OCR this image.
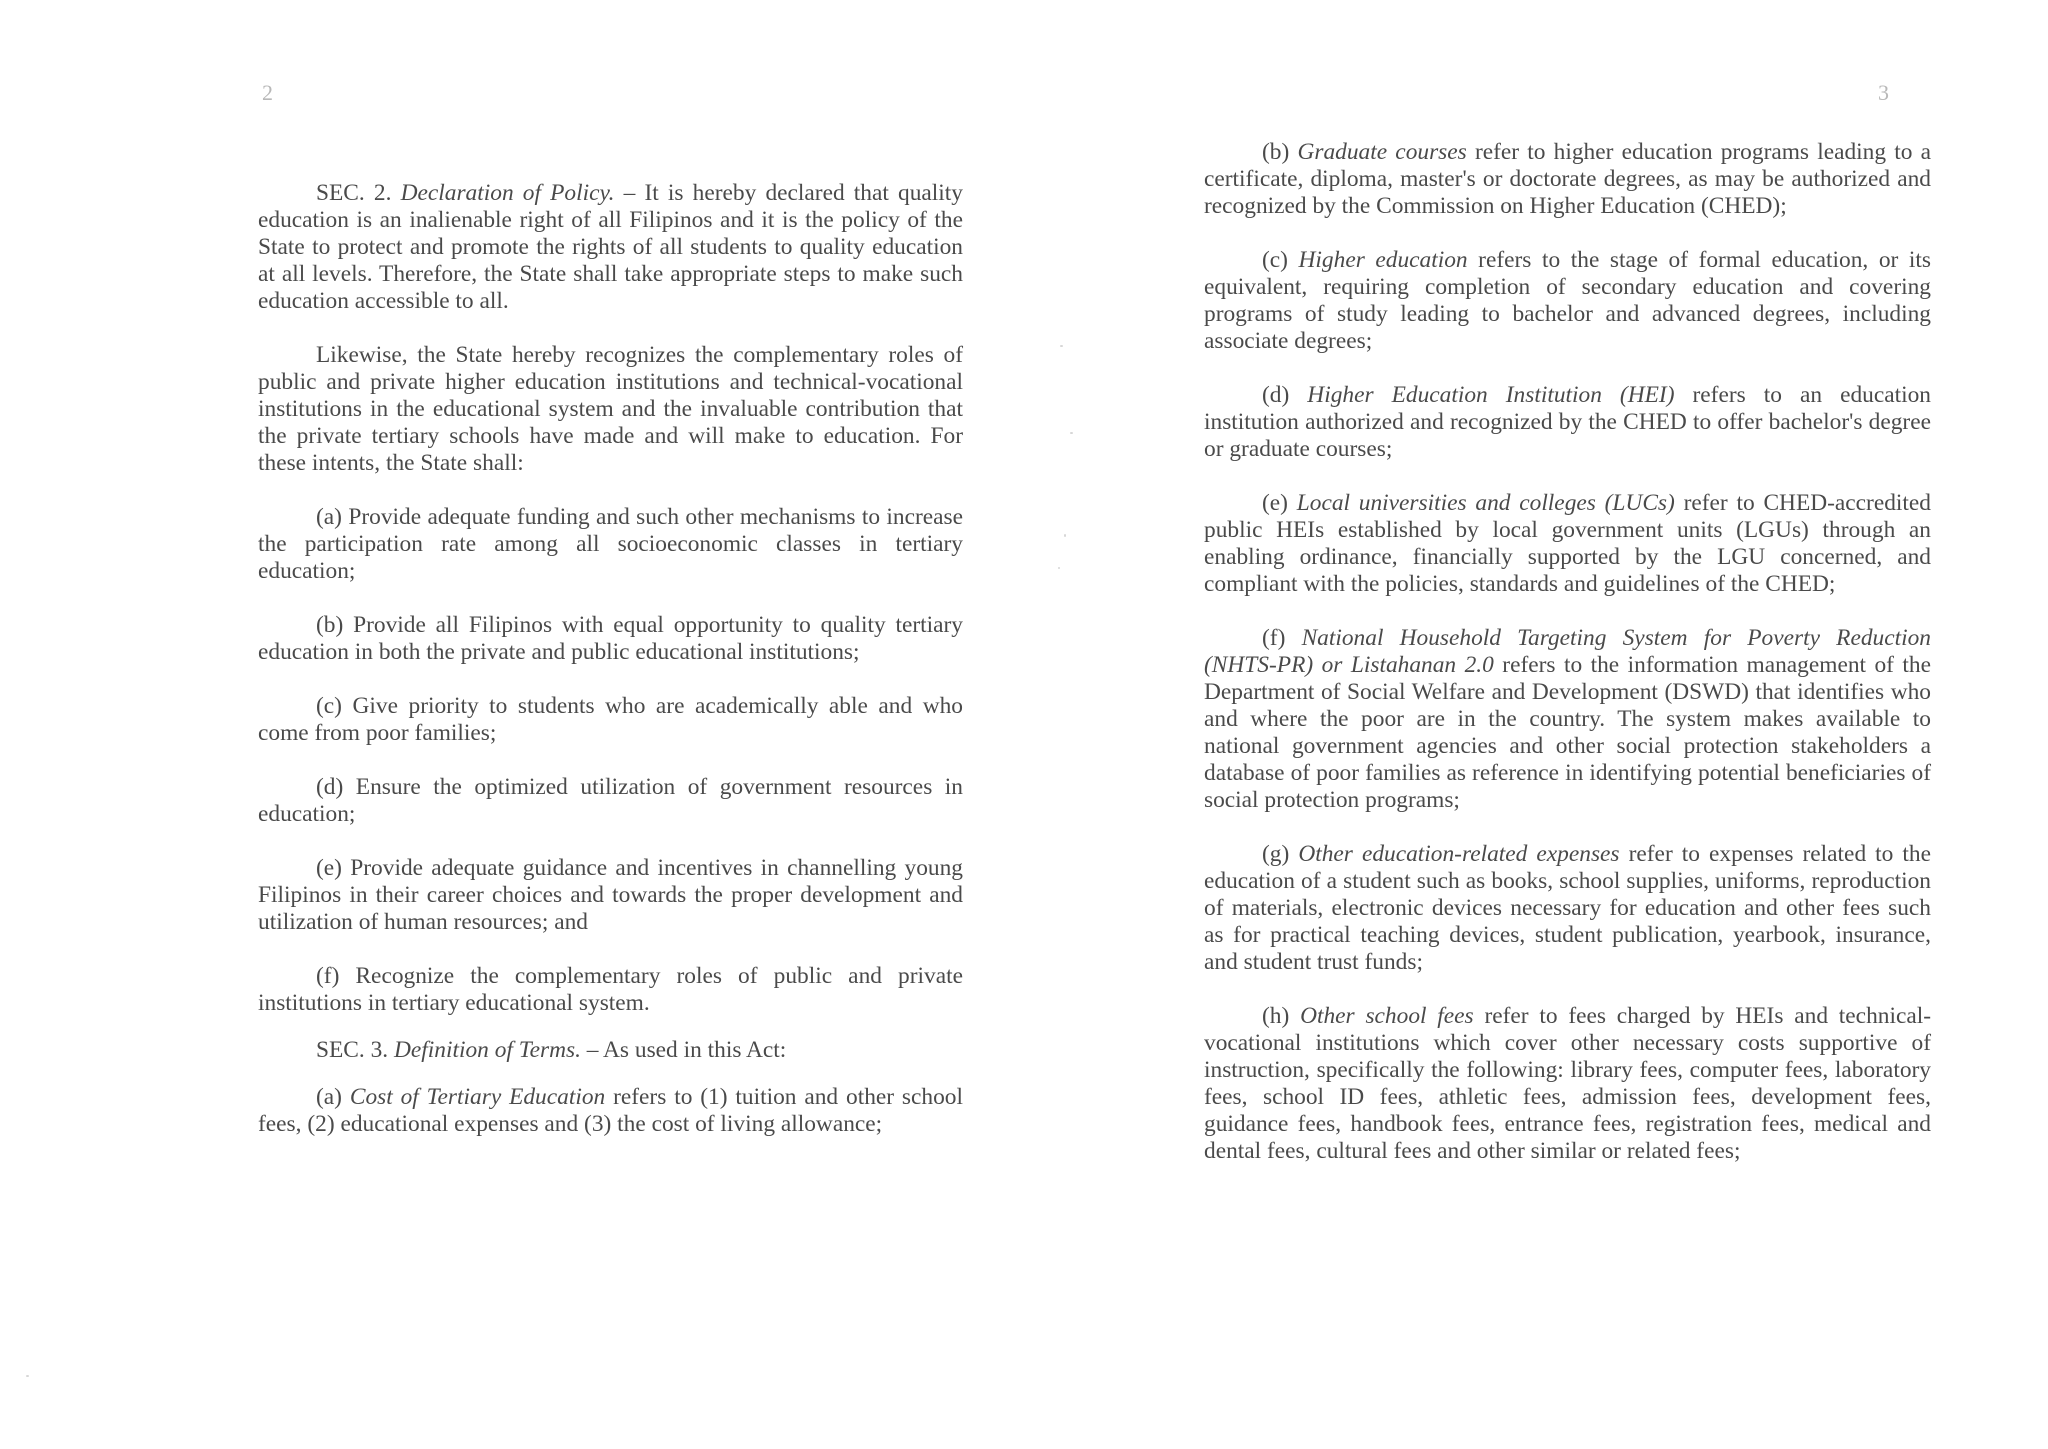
2

SEC. 2. Declaration of Policy. – It is hereby declared that quality education is an inalienable right of all Filipinos and it is the policy of the State to protect and promote the rights of all students to quality education at all levels. Therefore, the State shall take appropriate steps to make such education accessible to all.

Likewise, the State hereby recognizes the complementary roles of public and private higher education institutions and technical-vocational institutions in the educational system and the invaluable contribution that the private tertiary schools have made and will make to education. For these intents, the State shall:

(a) Provide adequate funding and such other mechanisms to increase the participation rate among all socioeconomic classes in tertiary education;

(b) Provide all Filipinos with equal opportunity to quality tertiary education in both the private and public educational institutions;

(c) Give priority to students who are academically able and who come from poor families;

(d) Ensure the optimized utilization of government resources in education;

(e) Provide adequate guidance and incentives in channelling young Filipinos in their career choices and towards the proper development and utilization of human resources; and

(f) Recognize the complementary roles of public and private institutions in tertiary educational system.

SEC. 3. Definition of Terms. – As used in this Act:

(a) Cost of Tertiary Education refers to (1) tuition and other school fees, (2) educational expenses and (3) the cost of living allowance;

3

(b) Graduate courses refer to higher education programs leading to a certificate, diploma, master's or doctorate degrees, as may be authorized and recognized by the Commission on Higher Education (CHED);

(c) Higher education refers to the stage of formal education, or its equivalent, requiring completion of secondary education and covering programs of study leading to bachelor and advanced degrees, including associate degrees;

(d) Higher Education Institution (HEI) refers to an education institution authorized and recognized by the CHED to offer bachelor's degree or graduate courses;

(e) Local universities and colleges (LUCs) refer to CHED-accredited public HEIs established by local government units (LGUs) through an enabling ordinance, financially supported by the LGU concerned, and compliant with the policies, standards and guidelines of the CHED;

(f) National Household Targeting System for Poverty Reduction (NHTS-PR) or Listahanan 2.0 refers to the information management of the Department of Social Welfare and Development (DSWD) that identifies who and where the poor are in the country. The system makes available to national government agencies and other social protection stakeholders a database of poor families as reference in identifying potential beneficiaries of social protection programs;

(g) Other education-related expenses refer to expenses related to the education of a student such as books, school supplies, uniforms, reproduction of materials, electronic devices necessary for education and other fees such as for practical teaching devices, student publication, yearbook, insurance, and student trust funds;

(h) Other school fees refer to fees charged by HEIs and technical-vocational institutions which cover other necessary costs supportive of instruction, specifically the following: library fees, computer fees, laboratory fees, school ID fees, athletic fees, admission fees, development fees, guidance fees, handbook fees, entrance fees, registration fees, medical and dental fees, cultural fees and other similar or related fees;
